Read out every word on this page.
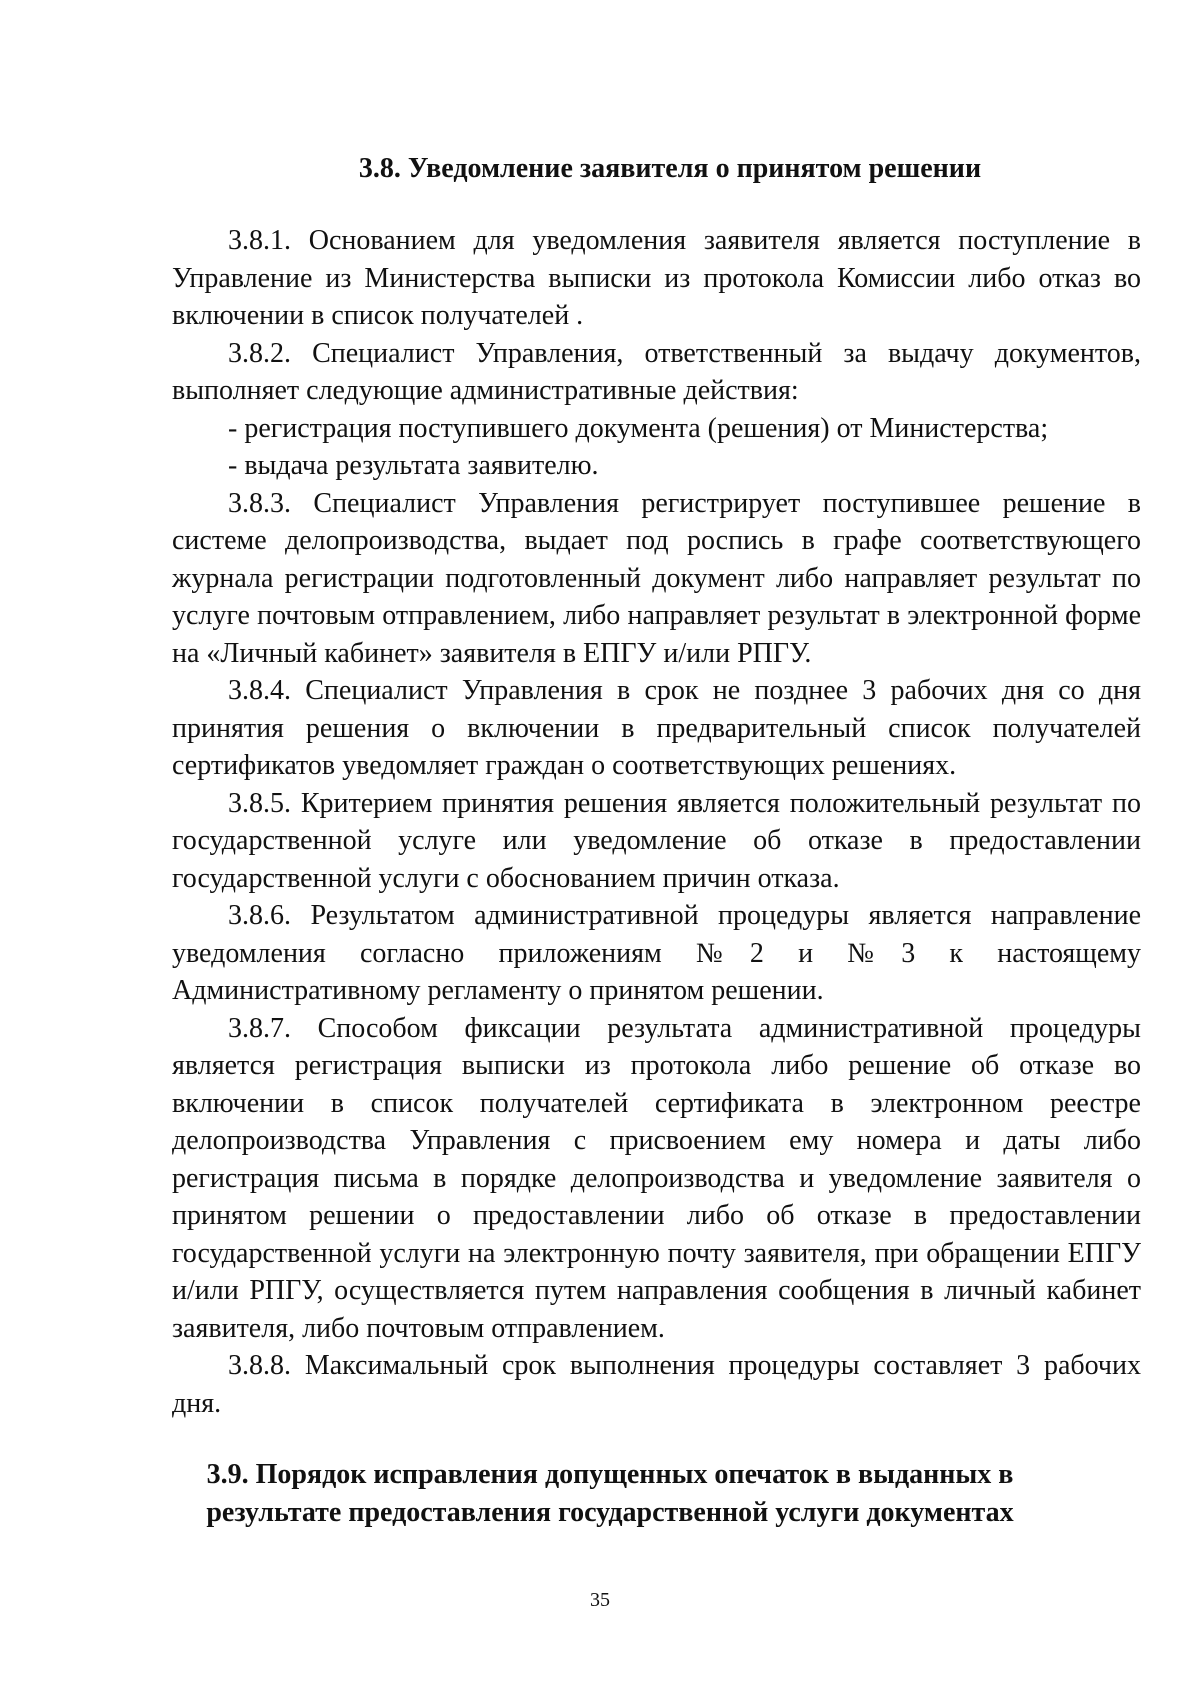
3.8. Уведомление заявителя о принятом решении

3.8.1. Основанием для уведомления заявителя является поступление в Управление из Министерства выписки из протокола Комиссии либо отказ во включении в список получателей .

3.8.2. Специалист Управления, ответственный за выдачу документов, выполняет следующие административные действия:

- регистрация поступившего документа (решения) от Министерства;

- выдача результата заявителю.

3.8.3. Специалист Управления регистрирует поступившее решение в системе делопроизводства, выдает под роспись в графе соответствующего журнала регистрации подготовленный документ либо направляет результат по услуге почтовым отправлением, либо направляет результат в электронной форме на «Личный кабинет» заявителя в ЕПГУ и/или РПГУ.

3.8.4. Специалист Управления в срок не позднее 3 рабочих дня со дня принятия решения о включении в предварительный список получателей сертификатов уведомляет граждан о соответствующих решениях.

3.8.5. Критерием принятия решения является положительный результат по государственной услуге или уведомление об отказе в предоставлении государственной услуги с обоснованием причин отказа.

3.8.6. Результатом административной процедуры является направление уведомления согласно приложениям №2 и №3 к настоящему Административному регламенту о принятом решении.

3.8.7. Способом фиксации результата административной процедуры является регистрация выписки из протокола либо решение об отказе во включении в список получателей сертификата в электронном реестре делопроизводства Управления с присвоением ему номера и даты либо регистрация письма в порядке делопроизводства и уведомление заявителя о принятом решении о предоставлении либо об отказе в предоставлении государственной услуги на электронную почту заявителя, при обращении ЕПГУ и/или РПГУ, осуществляется путем направления сообщения в личный кабинет заявителя, либо почтовым отправлением.

3.8.8. Максимальный срок выполнения процедуры составляет 3 рабочих дня.

3.9. Порядок исправления допущенных опечаток в выданных в
результате предоставления государственной услуги документах
35
